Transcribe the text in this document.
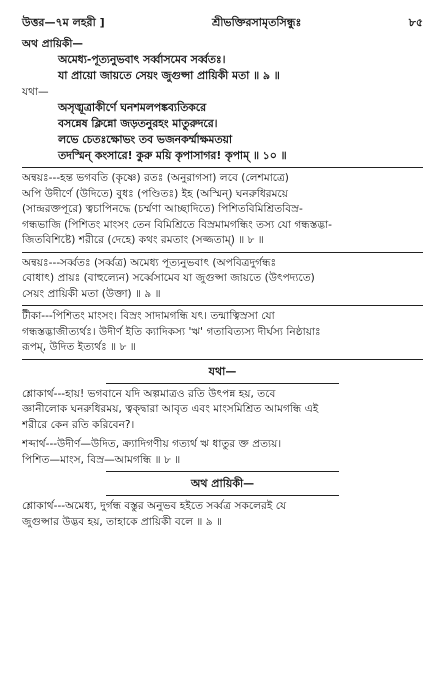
উত্তর—৭ম লহরী ]	শ্রীভক্তিরসামৃতসিন্ধুঃ	৮৫
অথ প্রায়িকী—
অমেধ্য-পূত্যনুভবাৎ সর্ব্বাসমেব সর্ব্বতঃ।
যা প্রায়ো জায়তে সেয়ং জুগুপ্সা প্রায়িকী মতা ॥ ৯ ॥
যথা—
অসৃঙ্মূত্রাকীর্ণে ঘনশমলপঙ্কব্যতিকরে
বসন্নেষ ক্লিন্নো জড়তনুরহং মাতুরুদরে।
লভে চেতঃক্ষোভং তব ভজনকর্ম্মাক্ষমতয়া
তদস্মিন্ কংসারে! কুরু ময়ি কৃপাসাগর! কৃপাম্ ॥ ১০ ॥
অন্বয়ঃ---হন্ত ভগবতি (কৃষ্ণে) রতঃ (অনুরাগসা) লবে (লেশমাত্রে)
অপি উদীর্ণে (উদিতে) বুধঃ (পণ্ডিতঃ) ইহ (অস্মিন্) ঘনরুধিরময়ে
(সান্দ্ররক্তপূরে) ত্বচাপিনদ্ধে (চর্ম্মণা আচ্ছাদিতে) পিশিতবিমিশ্রিতবিস্র-
গন্ধভাজি (পিশিতং মাংসং তেন বিমিশ্রিতে বিস্রমামগন্ধিং তস্য যো গন্ধস্তদ্ভা-
জিতবিশিষ্টে) শরীরে (দেহে) কথং রমতাং (সজ্জতাম্) ॥ ৮ ॥
অন্বয়ঃ---সর্ব্বতঃ (সর্ব্বত্র) অমেধ্য পূত্যনুভবাৎ (অপবিত্রদুর্গন্ধঃ
বোধাৎ) প্রায়ঃ (বাহুল্যেন) সর্ব্বেসামেব যা জুগুপ্সা জায়তে (উৎপদ্যতে)
সেয়ং প্রায়িকী মতা (উক্তা) ॥ ৯ ॥
টীকা---পিশিতং মাংসং। বিস্রং সাদামগন্ধি যৎ। তন্মাত্বিস্রসা যো
গন্ধস্তদ্ভাজীত্যর্থঃ। উদীর্ণ ইতি ক্যাদিকস্য 'ঋ' গতাবিত্যস্য দীর্ঘস্য নিষ্ঠায়াঃ
রূপম্, উদিত ইত্যর্থঃ ॥ ৮ ॥
যথা—
শ্লোকার্থ---হায়! ভগবানে যদি অল্পমাত্রও রতি উৎপন্ন হয়, তবে
জ্ঞানীলোক ঘনরুধিরময়, ত্বক্দ্বারা আবৃত এবং মাংসমিশ্রিত আমগন্ধি এই
শরীরে কেন রতি করিবেন?।
শব্দার্থ---উদীর্ণ—উদিত, ক্র্যাদিগণীয় গত্যর্থ ঋ ধাতুর ক্ত প্রত্যয়।
পিশিত—মাংস, বিস্র—আমগন্ধি ॥ ৮ ॥
অথ প্রায়িকী—
শ্লোকার্থ---অমেধ্য, দুর্গন্ধ বস্তুর অনুভব হইতে সর্ব্বত্র সকলেরই যে
জুগুপ্সার উদ্ভব হয়, তাহাকে প্রায়িকী বলে ॥ ৯ ॥
